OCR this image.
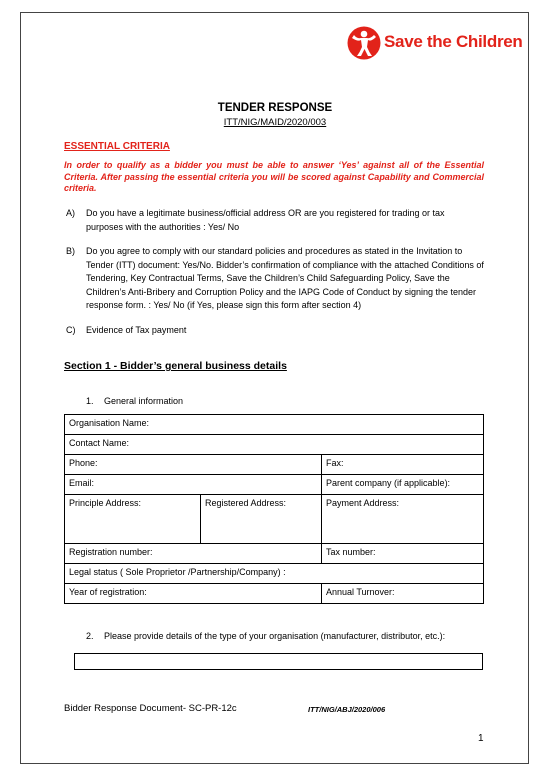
Save the Children
TENDER RESPONSE
ITT/NIG/MAID/2020/003
ESSENTIAL CRITERIA
In order to qualify as a bidder you must be able to answer ‘Yes’ against all of the Essential Criteria. After passing the essential criteria you will be scored against Capability and Commercial criteria.
A) Do you have a legitimate business/official address OR are you registered for trading or tax purposes with the authorities : Yes/ No
B) Do you agree to comply with our standard policies and procedures as stated in the Invitation to Tender (ITT) document: Yes/No. Bidder’s confirmation of compliance with the attached Conditions of Tendering, Key Contractual Terms, Save the Children’s Child Safeguarding Policy, Save the Children’s Anti-Bribery and Corruption Policy and the IAPG Code of Conduct by signing the tender response form. : Yes/ No (if Yes, please sign this form after section 4)
C) Evidence of Tax payment
Section 1 - Bidder’s general business details
1. General information
Organisation Name:		
Contact Name:		
Phone:		Fax:
Email:		Parent company (if applicable):
Principle Address:	Registered Address:	Payment Address:
Registration number:		Tax number:
Legal status ( Sole Proprietor /Partnership/Company) :		
Year of registration:		Annual Turnover:
2. Please provide details of the type of your organisation (manufacturer, distributor, etc.):
Bidder Response Document- SC-PR-12c	ITT/NIG/ABJ/2020/006
1
